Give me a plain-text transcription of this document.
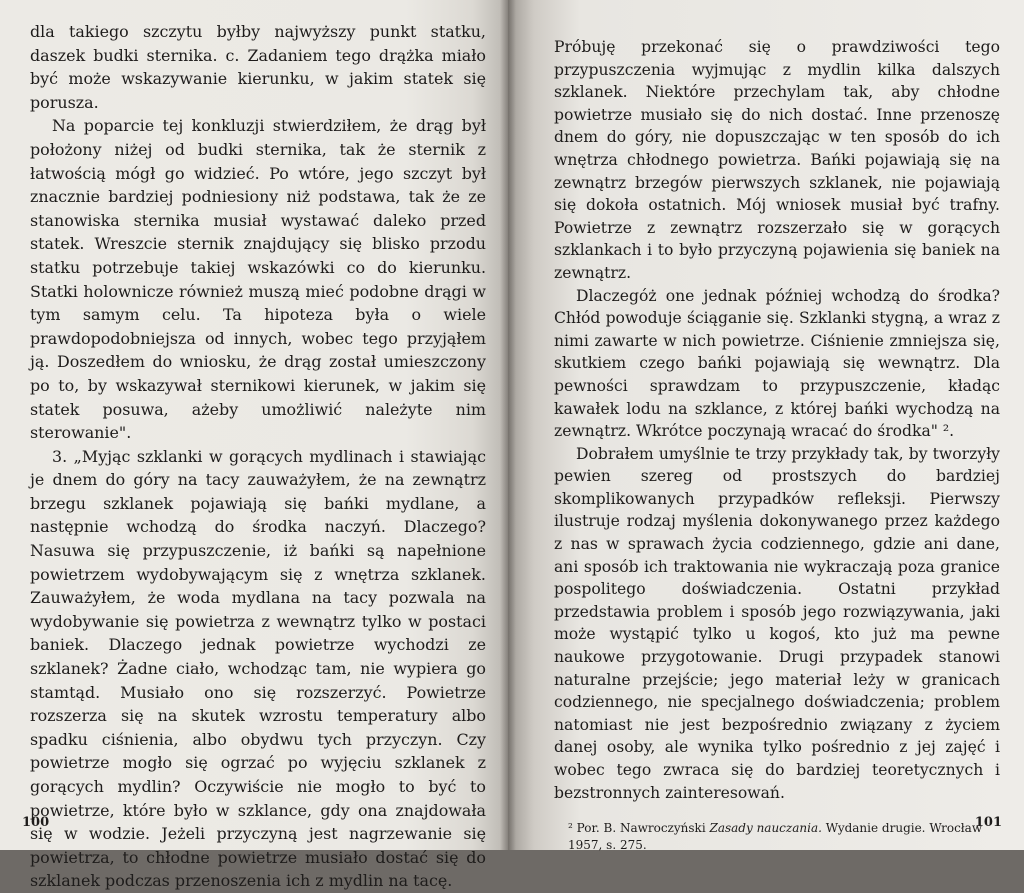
dla takiego szczytu byłby najwyższy punkt statku, daszek budki sternika. c. Zadaniem tego drążka miało być może wskazywanie kierunku, w jakim statek się porusza.

Na poparcie tej konkluzji stwierdziłem, że drąg był położony niżej od budki sternika, tak że sternik z łatwością mógł go widzieć. Po wtóre, jego szczyt był znacznie bardziej podniesiony niż podstawa, tak że ze stanowiska sternika musiał wystawać daleko przed statek. Wreszcie sternik znajdujący się blisko przodu statku potrzebuje takiej wskazówki co do kierunku. Statki holownicze również muszą mieć podobne drągi w tym samym celu. Ta hipoteza była o wiele prawdopodobniejsza od innych, wobec tego przyjąłem ją. Doszedłem do wniosku, że drąg został umieszczony po to, by wskazywał sternikowi kierunek, w jakim się statek posuwa, ażeby umożliwić należyte nim sterowanie".

3. „Myjąc szklanki w gorących mydlinach i stawiając je dnem do góry na tacy zauważyłem, że na zewnątrz brzegu szklanek pojawiają się bańki mydlane, a następnie wchodzą do środka naczyń. Dlaczego? Nasuwa się przypuszczenie, iż bańki są napełnione powietrzem wydobywającym się z wnętrza szklanek. Zauważyłem, że woda mydlana na tacy pozwala na wydobywanie się powietrza z wewnątrz tylko w postaci baniek. Dlaczego jednak powietrze wychodzi ze szklanek? Żadne ciało, wchodząc tam, nie wypiera go stamtąd. Musiało ono się rozszerzyć. Powietrze rozszerza się na skutek wzrostu temperatury albo spadku ciśnienia, albo obydwu tych przyczyn. Czy powietrze mogło się ogrzać po wyjęciu szklanek z gorących mydlin? Oczywiście nie mogło to być to powietrze, które było w szklance, gdy ona znajdowała się w wodzie. Jeżeli przyczyną jest nagrzewanie się powietrza, to chłodne powietrze musiało dostać się do szklanek podczas przenoszenia ich z mydlin na tacę.

100

Próbuję przekonać się o prawdziwości tego przypuszczenia wyjmując z mydlin kilka dalszych szklanek. Niektóre przechylam tak, aby chłodne powietrze musiało się do nich dostać. Inne przenoszę dnem do góry, nie dopuszczając w ten sposób do ich wnętrza chłodnego powietrza. Bańki pojawiają się na zewnątrz brzegów pierwszych szklanek, nie pojawiają się dokoła ostatnich. Mój wniosek musiał być trafny. Powietrze z zewnątrz rozszerzało się w gorących szklankach i to było przyczyną pojawienia się baniek na zewnątrz.

Dlaczegóż one jednak później wchodzą do środka? Chłód powoduje ściąganie się. Szklanki stygną, a wraz z nimi zawarte w nich powietrze. Ciśnienie zmniejsza się, skutkiem czego bańki pojawiają się wewnątrz. Dla pewności sprawdzam to przypuszczenie, kładąc kawałek lodu na szklance, z której bańki wychodzą na zewnątrz. Wkrótce poczynają wracać do środka" ².

Dobrałem umyślnie te trzy przykłady tak, by tworzyły pewien szereg od prostszych do bardziej skomplikowanych przypadków refleksji. Pierwszy ilustruje rodzaj myślenia dokonywanego przez każdego z nas w sprawach życia codziennego, gdzie ani dane, ani sposób ich traktowania nie wykraczają poza granice pospolitego doświadczenia. Ostatni przykład przedstawia problem i sposób jego rozwiązywania, jaki może wystąpić tylko u kogoś, kto już ma pewne naukowe przygotowanie. Drugi przypadek stanowi naturalne przejście; jego materiał leży w granicach codziennego, nie specjalnego doświadczenia; problem natomiast nie jest bezpośrednio związany z życiem danej osoby, ale wynika tylko pośrednio z jej zajęć i wobec tego zwraca się do bardziej teoretycznych i bezstronnych zainteresowań.

² Por. B. Nawroczyński Zasady nauczania. Wydanie drugie. Wrocław 1957, s. 275.

101
